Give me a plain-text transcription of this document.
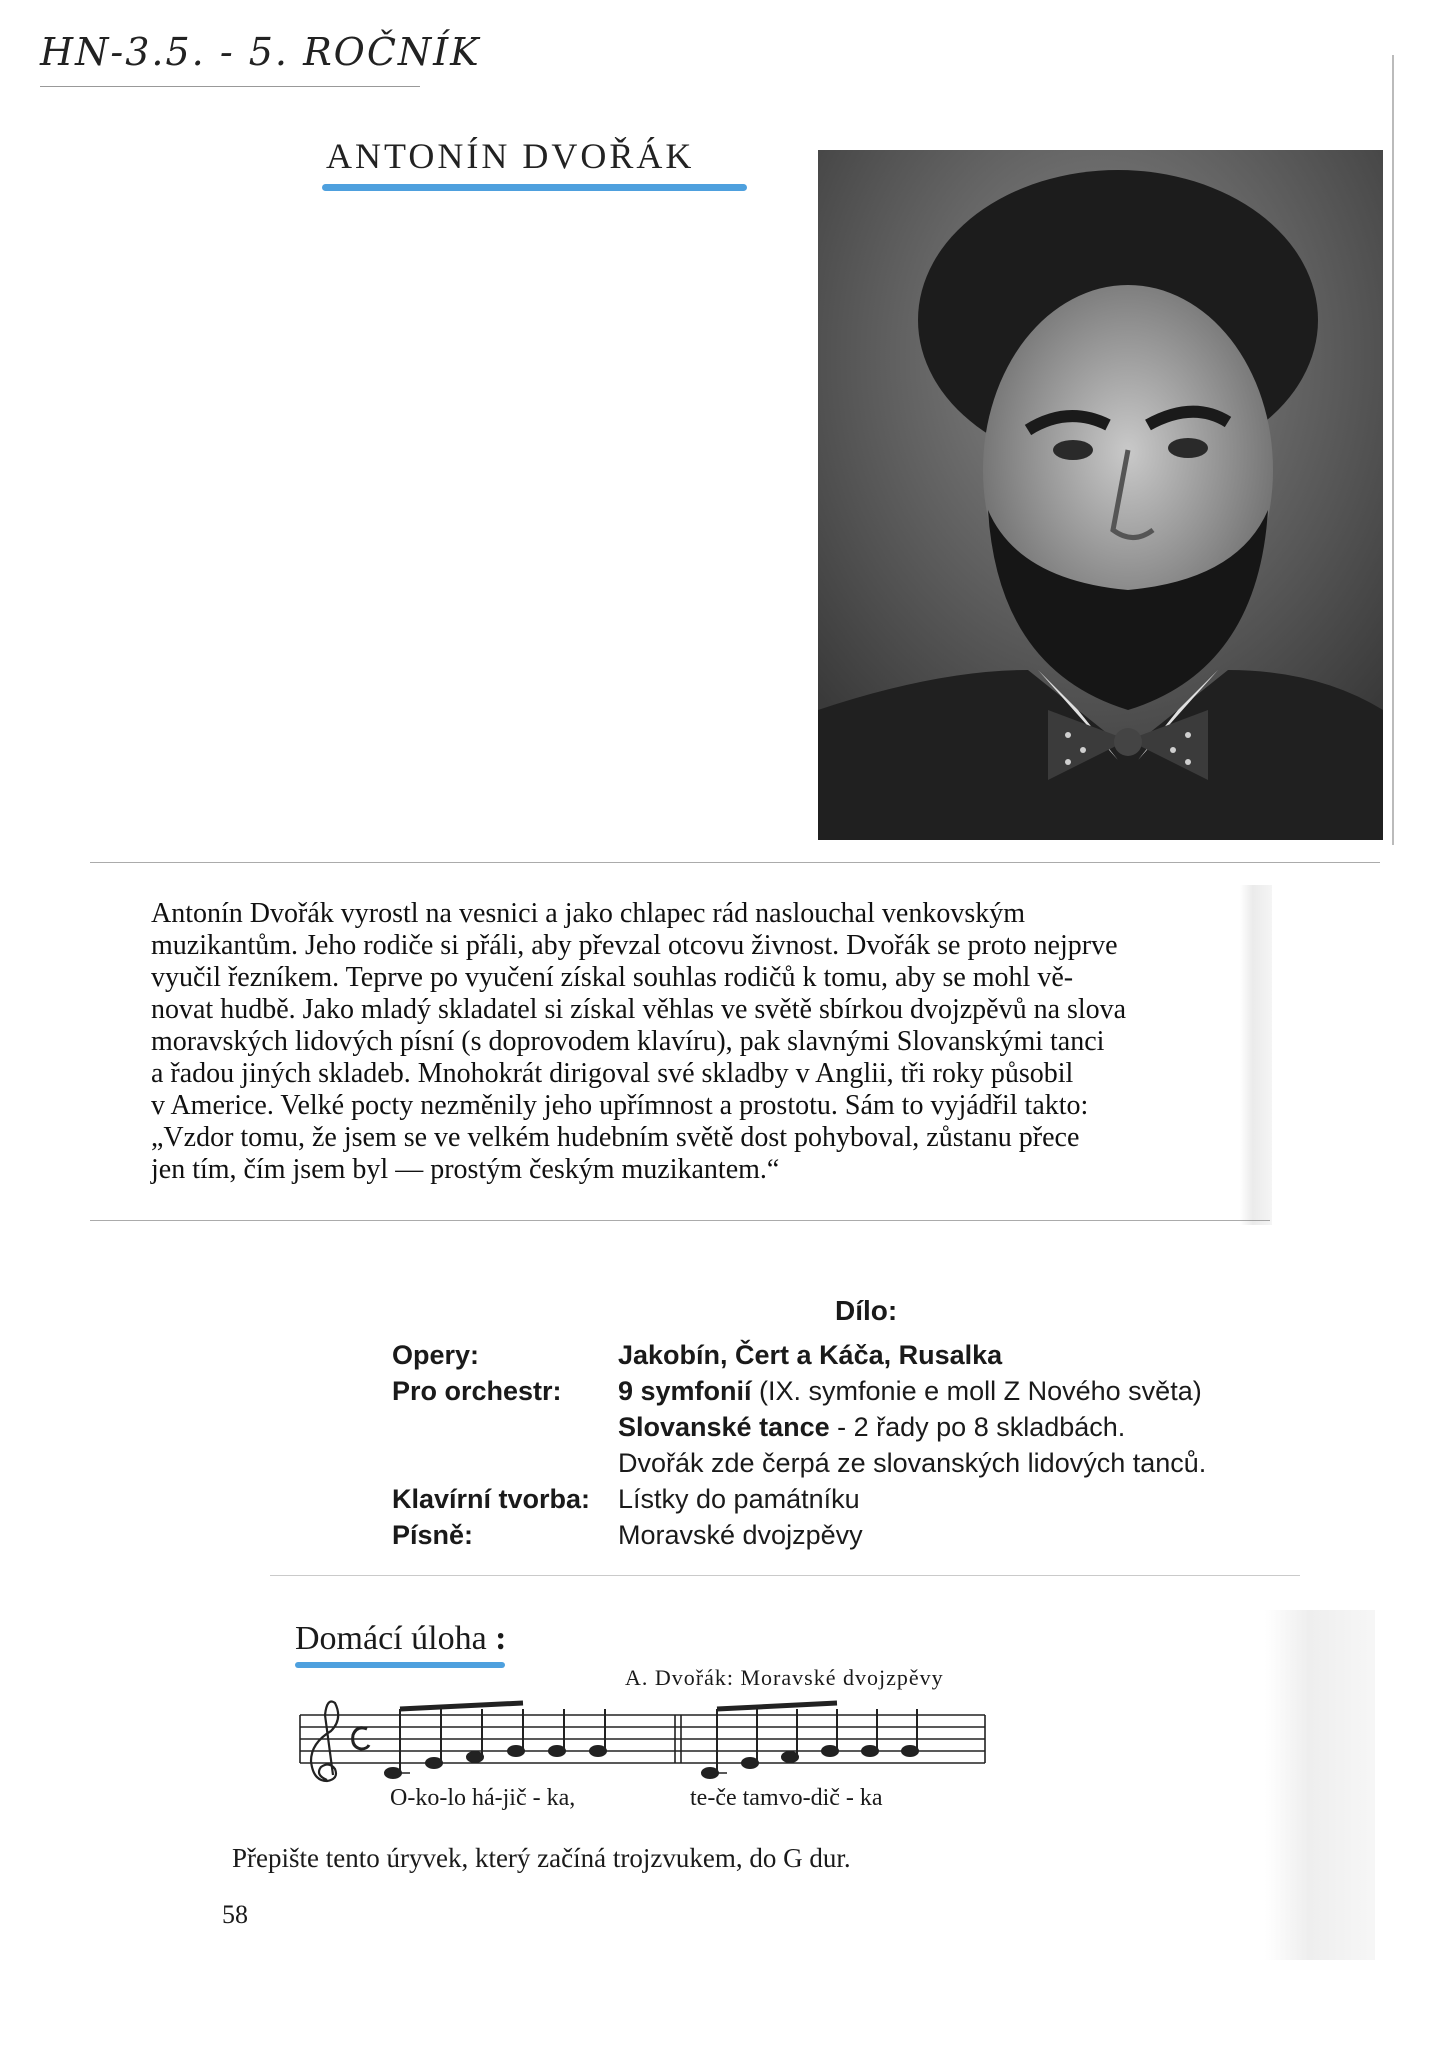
HN-3.5. - 5. ROČNÍK
ANTONÍN DVOŘÁK

Antonín Dvořák vyrostl na vesnici a jako chlapec rád naslouchal venkovským

muzikantům. Jeho rodiče si přáli, aby převzal otcovu živnost. Dvořák se proto nejprve

vyučil řezníkem. Teprve po vyučení získal souhlas rodičů k tomu, aby se mohl vě-

novat hudbě. Jako mladý skladatel si získal věhlas ve světě sbírkou dvojzpěvů na slova

moravských lidových písní (s doprovodem klavíru), pak slavnými Slovanskými tanci

a řadou jiných skladeb. Mnohokrát dirigoval své skladby v Anglii, tři roky působil

v Americe. Velké pocty nezměnily jeho upřímnost a prostotu. Sám to vyjádřil takto:

„Vzdor tomu, že jsem se ve velkém hudebním světě dost pohyboval, zůstanu přece

jen tím, čím jsem byl — prostým českým muzikantem.“

Dílo:
Opery:	Jakobín, Čert a Káča, Rusalka
Pro orchestr: 9 symfonií (IX. symfonie e moll Z Nového světa)
Slovanské tance - 2 řady po 8 skladbách.
Dvořák zde čerpá ze slovanských lidových tanců.
Klavírní tvorba: Lístky do památníku
Písně:	Moravské dvojzpěvy
Domácí úloha :
A. Dvořák: Moravské dvojzpěvy
O-ko-lo há-jič - ka,	te-če tamvo-dič - ka
Přepište tento úryvek, který začíná trojzvukem, do G dur.
58
